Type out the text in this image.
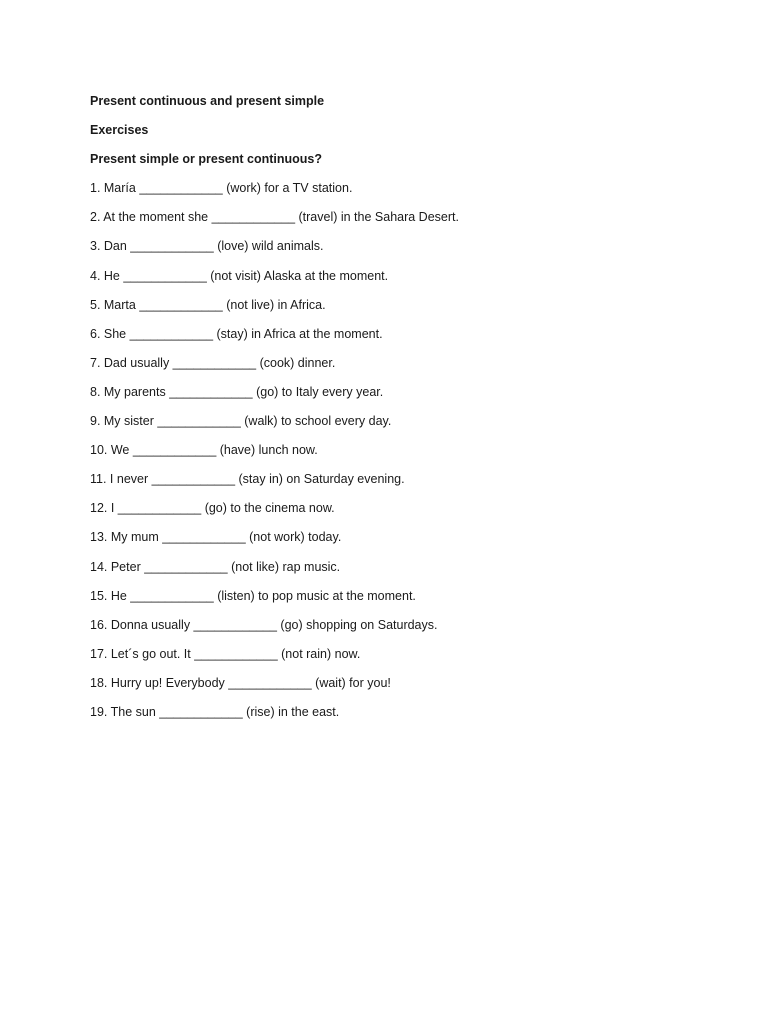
Present continuous and present simple
Exercises
Present simple or present continuous?
1. María ____________ (work) for a TV station.
2. At the moment she ____________ (travel) in the Sahara Desert.
3. Dan ____________ (love) wild animals.
4. He ____________ (not visit) Alaska at the moment.
5. Marta ____________ (not live) in Africa.
6. She ____________ (stay) in Africa at the moment.
7. Dad usually ____________ (cook) dinner.
8. My parents ____________ (go) to Italy every year.
9. My sister ____________ (walk) to school every day.
10. We ____________ (have) lunch now.
11. I never ____________ (stay in) on Saturday evening.
12. I ____________ (go) to the cinema now.
13. My mum ____________ (not work) today.
14. Peter ____________ (not like) rap music.
15. He ____________ (listen) to pop music at the moment.
16. Donna usually ____________ (go) shopping on Saturdays.
17. Let´s go out. It ____________ (not rain) now.
18. Hurry up! Everybody ____________ (wait) for you!
19. The sun ____________ (rise) in the east.
